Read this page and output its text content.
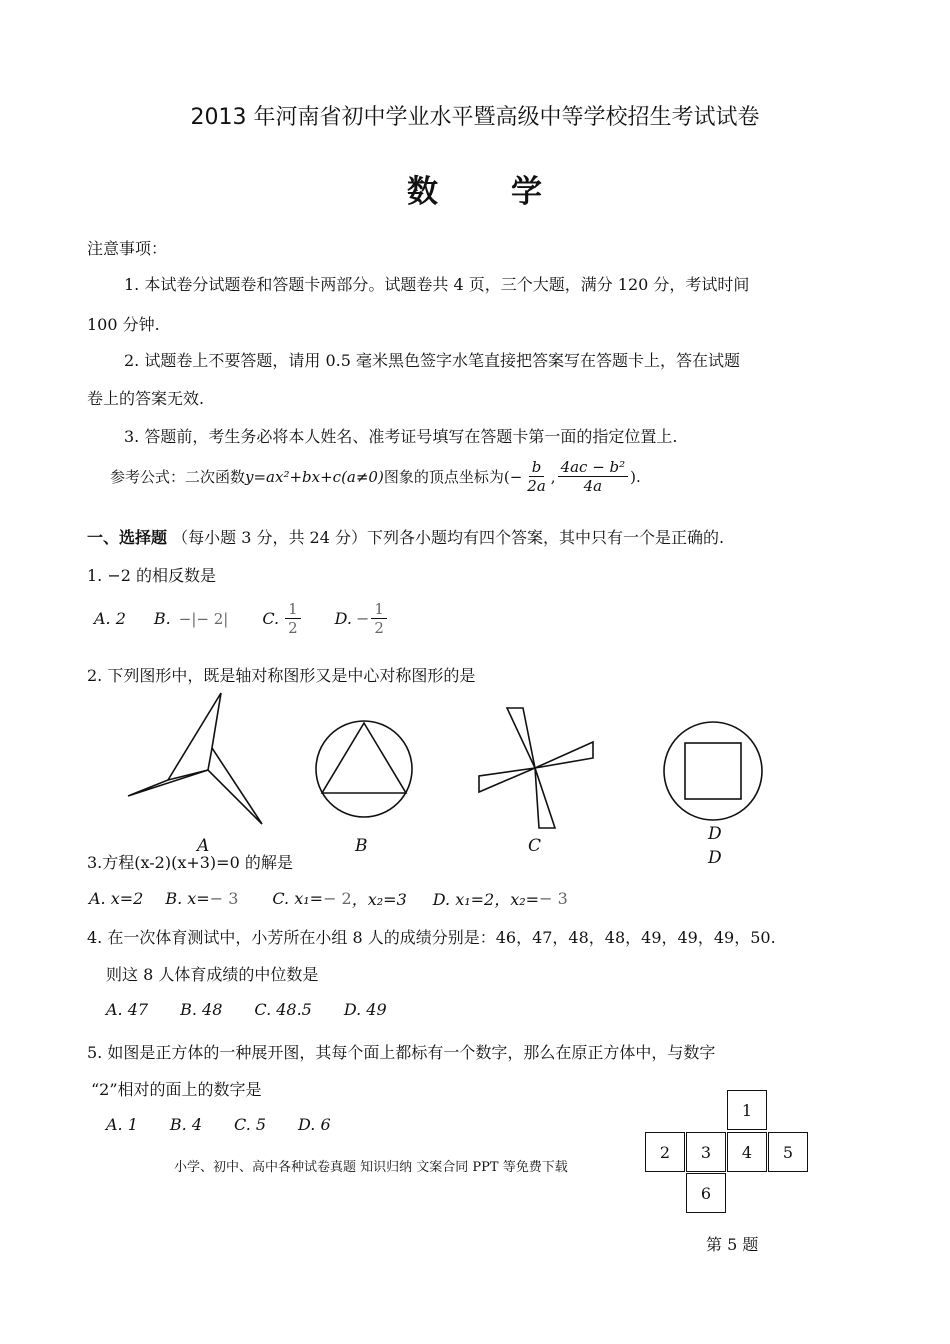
2013 年河南省初中学业水平暨高级中等学校招生考试试卷
数 学
注意事项：
1. 本试卷分试题卷和答题卡两部分。试题卷共 4 页，三个大题，满分 120 分，考试时间
100 分钟.
2. 试题卷上不要答题，请用 0.5 毫米黑色签字水笔直接把答案写在答题卡上，答在试题
卷上的答案无效.
3. 答题前，考生务必将本人姓名、准考证号填写在答题卡第一面的指定位置上.
参考公式：二次函数 y=ax²+bx+c(a≠0) 图象的顶点坐标为 (− $\frac{b}{2a}$ , $\frac{\text{4ac − b²}}{4a}$ ).
一、选择题 （每小题 3 分，共 24 分）下列各小题均有四个答案，其中只有一个是正确的.
1. −2 的相反数是
A. 2 B. −|− 2| C. $\frac{1}{2} D$. − $\frac{1}{2}$
2. 下列图形中，既是轴对称图形又是中心对称图形的是
A	B	C
D
D
3.方程(x-2)(x+3)=0 的解是
A. x=2 B. x= − 3 C. x₁= − 2 ，x₂=3 D. x₁=2，x₂= − 3
4. 在一次体育测试中，小芳所在小组 8 人的成绩分别是：46，47，48，48，49，49，49，50.
则这 8 人体育成绩的中位数是
A. 47 B. 48 C. 48.5 D. 49
5. 如图是正方体的一种展开图，其每个面上都标有一个数字，那么在原正方体中，与数字
“2”相对的面上的数字是
A. 1 B. 4 C. 5 D. 6
小学、初中、高中各种试卷真题 知识归纳 文案合同 PPT 等免费下载
1
2	3	4	5
6
第 5 题
